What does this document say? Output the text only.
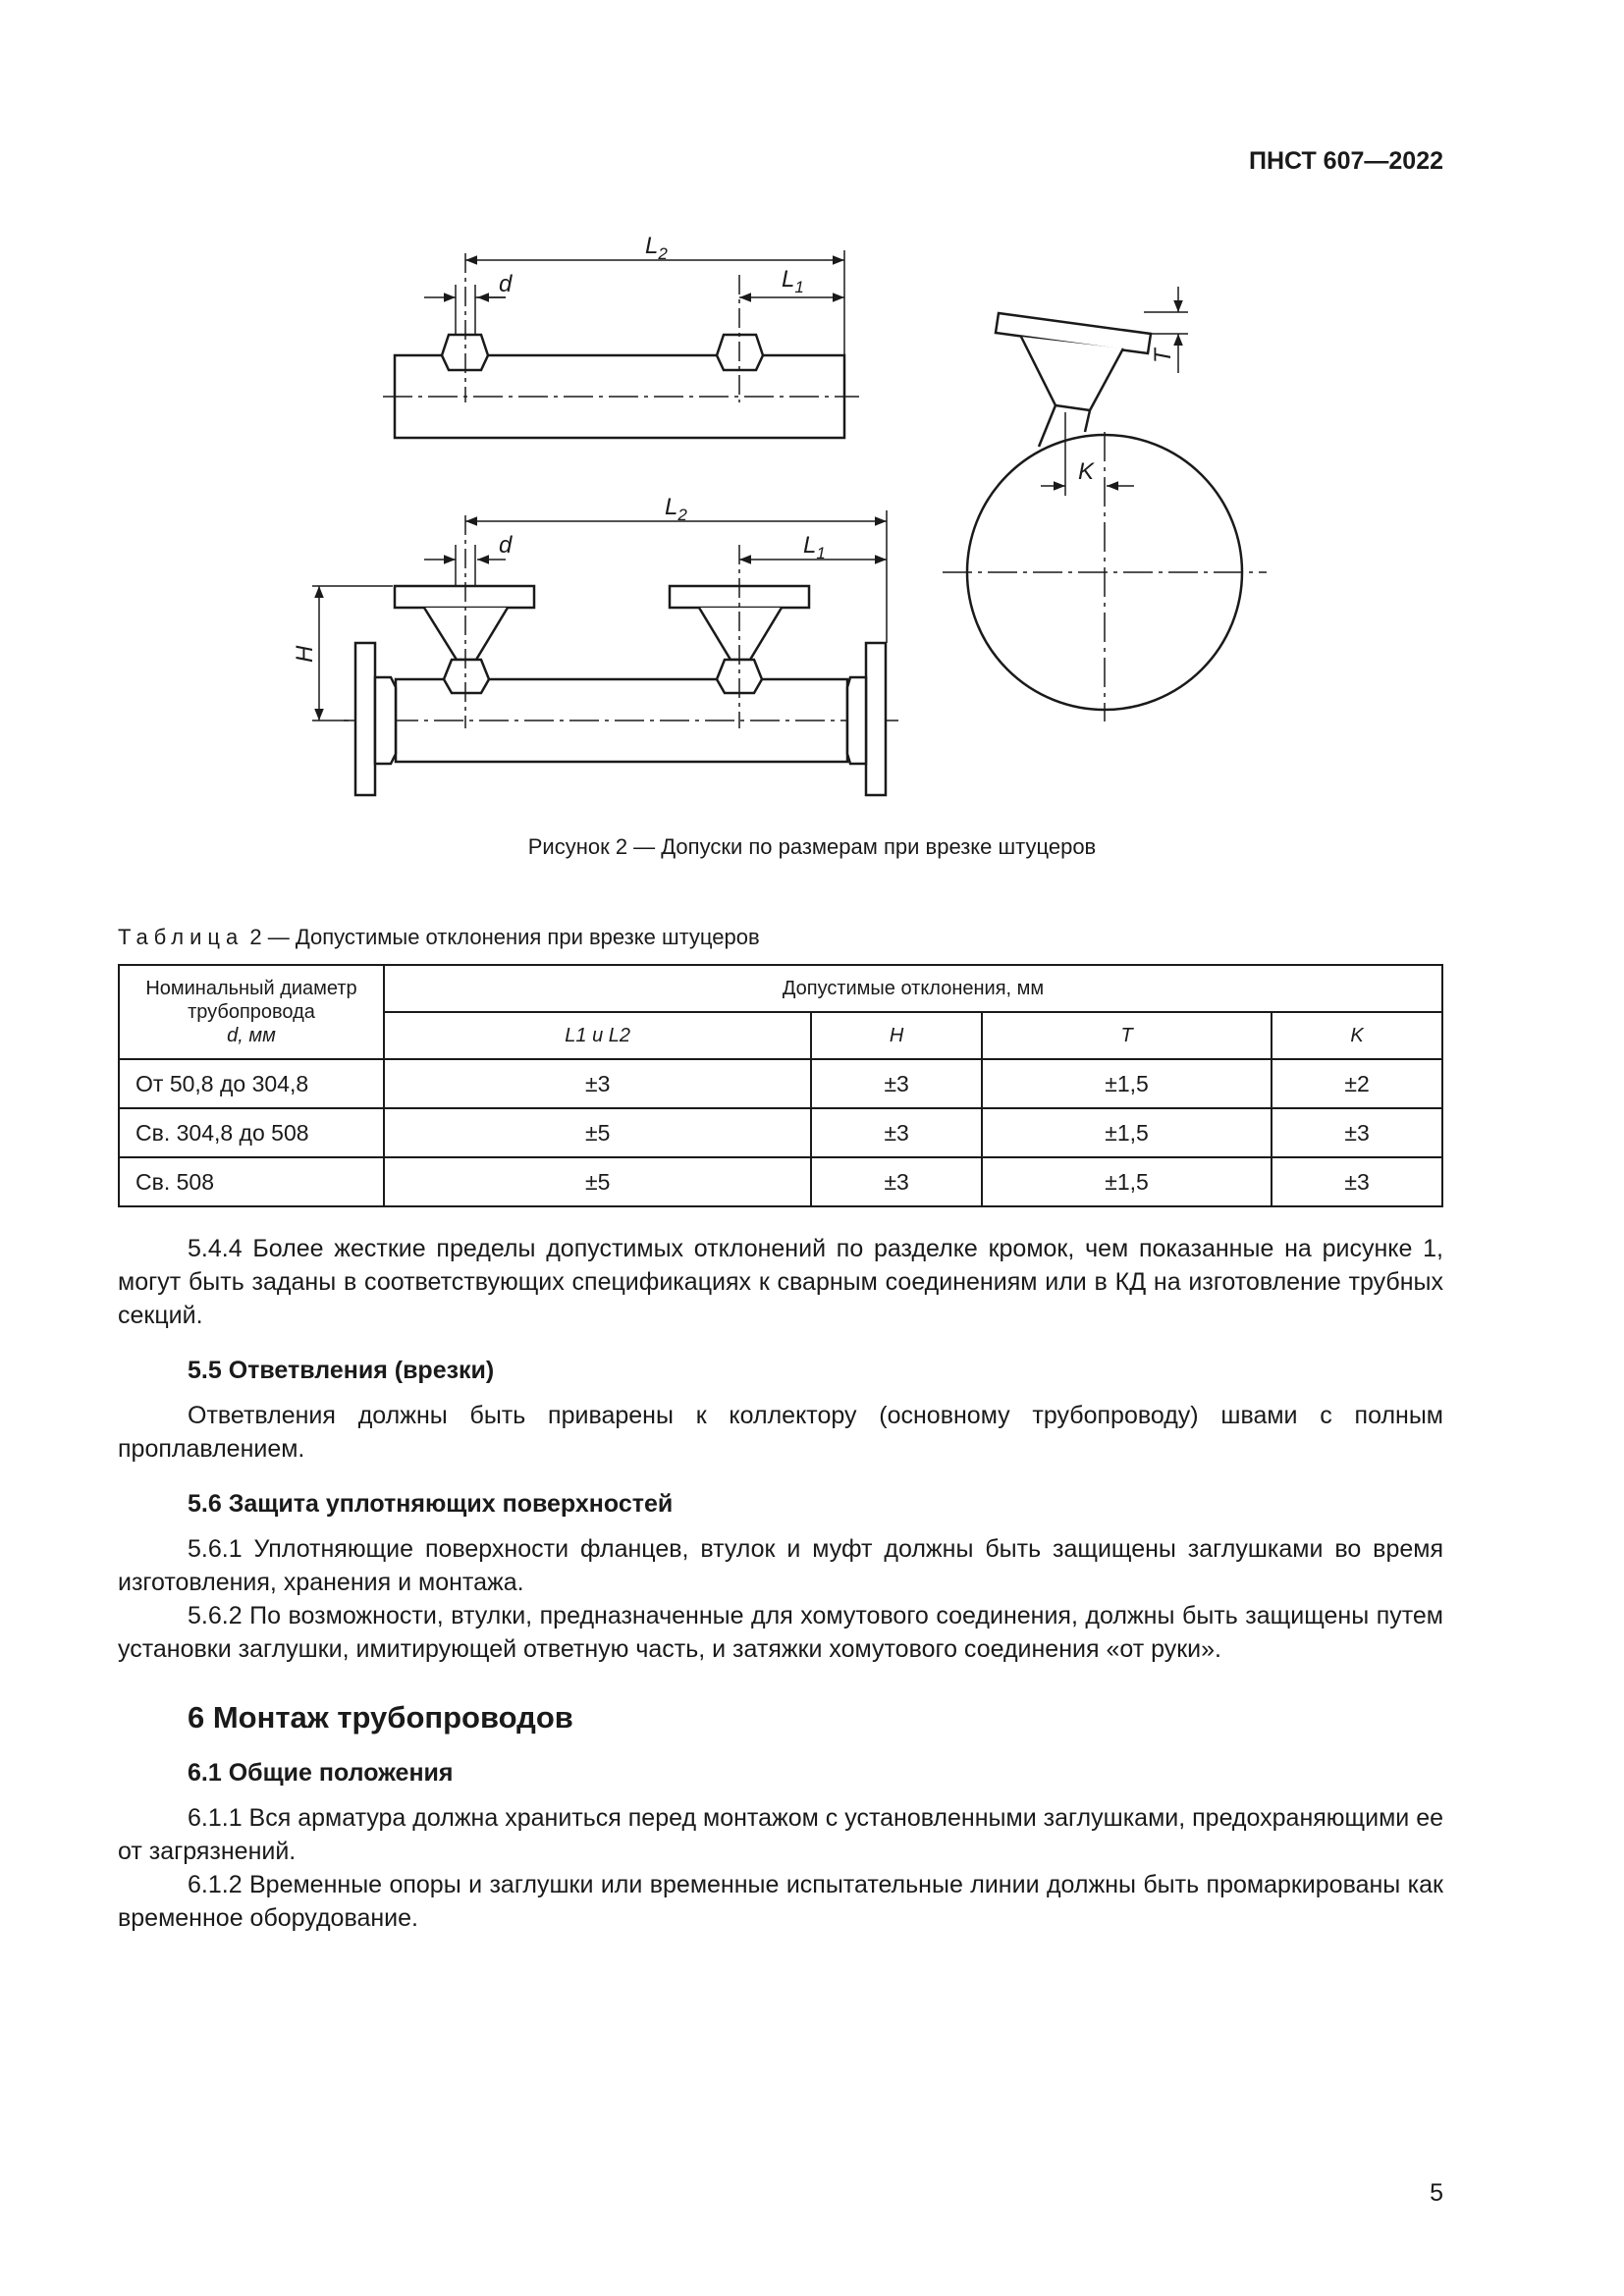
ПНСТ 607—2022
$L_2$
$L_1$
d
$L_2$
$L_1$
d
H
T
K
Рисунок 2 — Допуски по размерам при врезке штуцеров
Таблица 2 — Допустимые отклонения при врезке штуцеров
Номинальный диаметр трубопровода
d, мм	Допустимые отклонения, мм			
	L1 и L2	H	T	K
От 50,8 до 304,8	±3	±3	±1,5	±2
Св. 304,8 до 508	±5	±3	±1,5	±3
Св. 508	±5	±3	±1,5	±3

5.4.4 Более жесткие пределы допустимых отклонений по разделке кромок, чем показанные на рисунке 1, могут быть заданы в соответствующих спецификациях к сварным соединениям или в КД на изготовление трубных секций.

5.5 Ответвления (врезки)

Ответвления должны быть приварены к коллектору (основному трубопроводу) швами с полным проплавлением.

5.6 Защита уплотняющих поверхностей

5.6.1 Уплотняющие поверхности фланцев, втулок и муфт должны быть защищены заглушками во время изготовления, хранения и монтажа.

5.6.2 По возможности, втулки, предназначенные для хомутового соединения, должны быть защищены путем установки заглушки, имитирующей ответную часть, и затяжки хомутового соединения «от руки».

6 Монтаж трубопроводов

6.1 Общие положения

6.1.1 Вся арматура должна храниться перед монтажом с установленными заглушками, предохраняющими ее от загрязнений.

6.1.2 Временные опоры и заглушки или временные испытательные линии должны быть промаркированы как временное оборудование.

5
